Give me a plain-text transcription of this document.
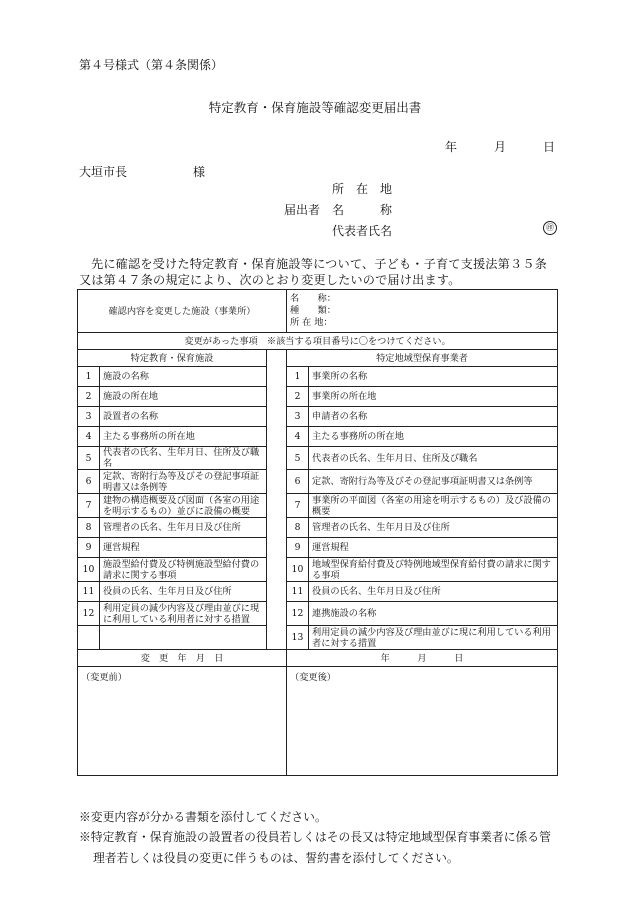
第４号様式（第４条関係）
特定教育・保育施設等確認変更届出書
年	月	日
大垣市長	様
所　在　地
届出者 名　　　称
代表者氏名	㊞
先に確認を受けた特定教育・保育施設等について、子ども・子育て支援法第３５条又は第４７条の規定により、次のとおり変更したいので届け出ます。
確認内容を変更した施設（事業所）			名　　称：
種　　類：
所 在 地：	

変更があった事項　※該当する項目番号に〇をつけてください。				
特定教育・保育施設			特定地域型保育事業者	
1	施設の名称		1	事業所の名称
2	施設の所在地		2	事業所の所在地
3	設置者の名称		3	申請者の名称
4	主たる事務所の所在地		4	主たる事務所の所在地
5	代表者の氏名、生年月日、住所及び職名		5	代表者の氏名、生年月日、住所及び職名
6	定款、寄附行為等及びその登記事項証明書又は条例等		6	定款、寄附行為等及びその登記事項証明書又は条例等
7	建物の構造概要及び図面（各室の用途を明示するもの）並びに設備の概要		7	事業所の平面図（各室の用途を明示するもの）及び設備の概要
8	管理者の氏名、生年月日及び住所		8	管理者の氏名、生年月日及び住所
9	運営規程		9	運営規程
10	施設型給付費及び特例施設型給付費の請求に関する事項		10	地域型保育給付費及び特例地域型保育給付費の請求に関する事項
11	役員の氏名、生年月日及び住所		11	役員の氏名、生年月日及び住所
12	利用定員の減少内容及び理由並びに現に利用している利用者に対する措置		12	連携施設の名称
			13	利用定員の減少内容及び理由並びに現に利用している利用者に対する措置
変　更　年　月　日			年　　　月　　　日	
（変更前）			（変更後）	
※変更内容が分かる書類を添付してください。
※特定教育・保育施設の設置者の役員若しくはその長又は特定地域型保育事業者に係る管
理者若しくは役員の変更に伴うものは、誓約書を添付してください。
